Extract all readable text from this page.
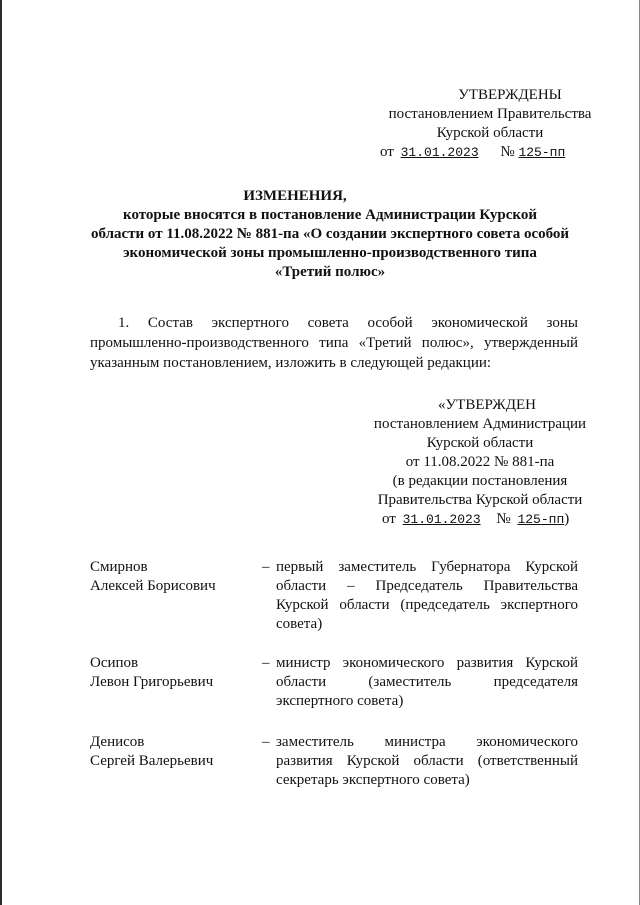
УТВЕРЖДЕНЫ
постановлением Правительства
Курской области
от 31.01.2023 № 125-пп
ИЗМЕНЕНИЯ,
которые вносятся в постановление Администрации Курской
области от 11.08.2022 № 881-па «О создании экспертного совета особой
экономической зоны промышленно-производственного типа
«Третий полюс»
1. Состав экспертного совета особой экономической зоны
промышленно-производственного типа «Третий полюс», утвержденный
указанным постановлением, изложить в следующей редакции:
«УТВЕРЖДЕН
постановлением Администрации
Курской области
от 11.08.2022 № 881-па
(в редакции постановления
Правительства Курской области
от 31.01.2023 № 125-пп)
Смирнов
Алексей Борисович
– первый заместитель Губернатора Курской
области – Председатель Правительства
Курской области (председатель экспертного
совета)
Осипов
Левон Григорьевич
– министр экономического развития Курской
области (заместитель председателя
экспертного совета)
Денисов
Сергей Валерьевич
– заместитель министра экономического
развития Курской области (ответственный
секретарь экспертного совета)
